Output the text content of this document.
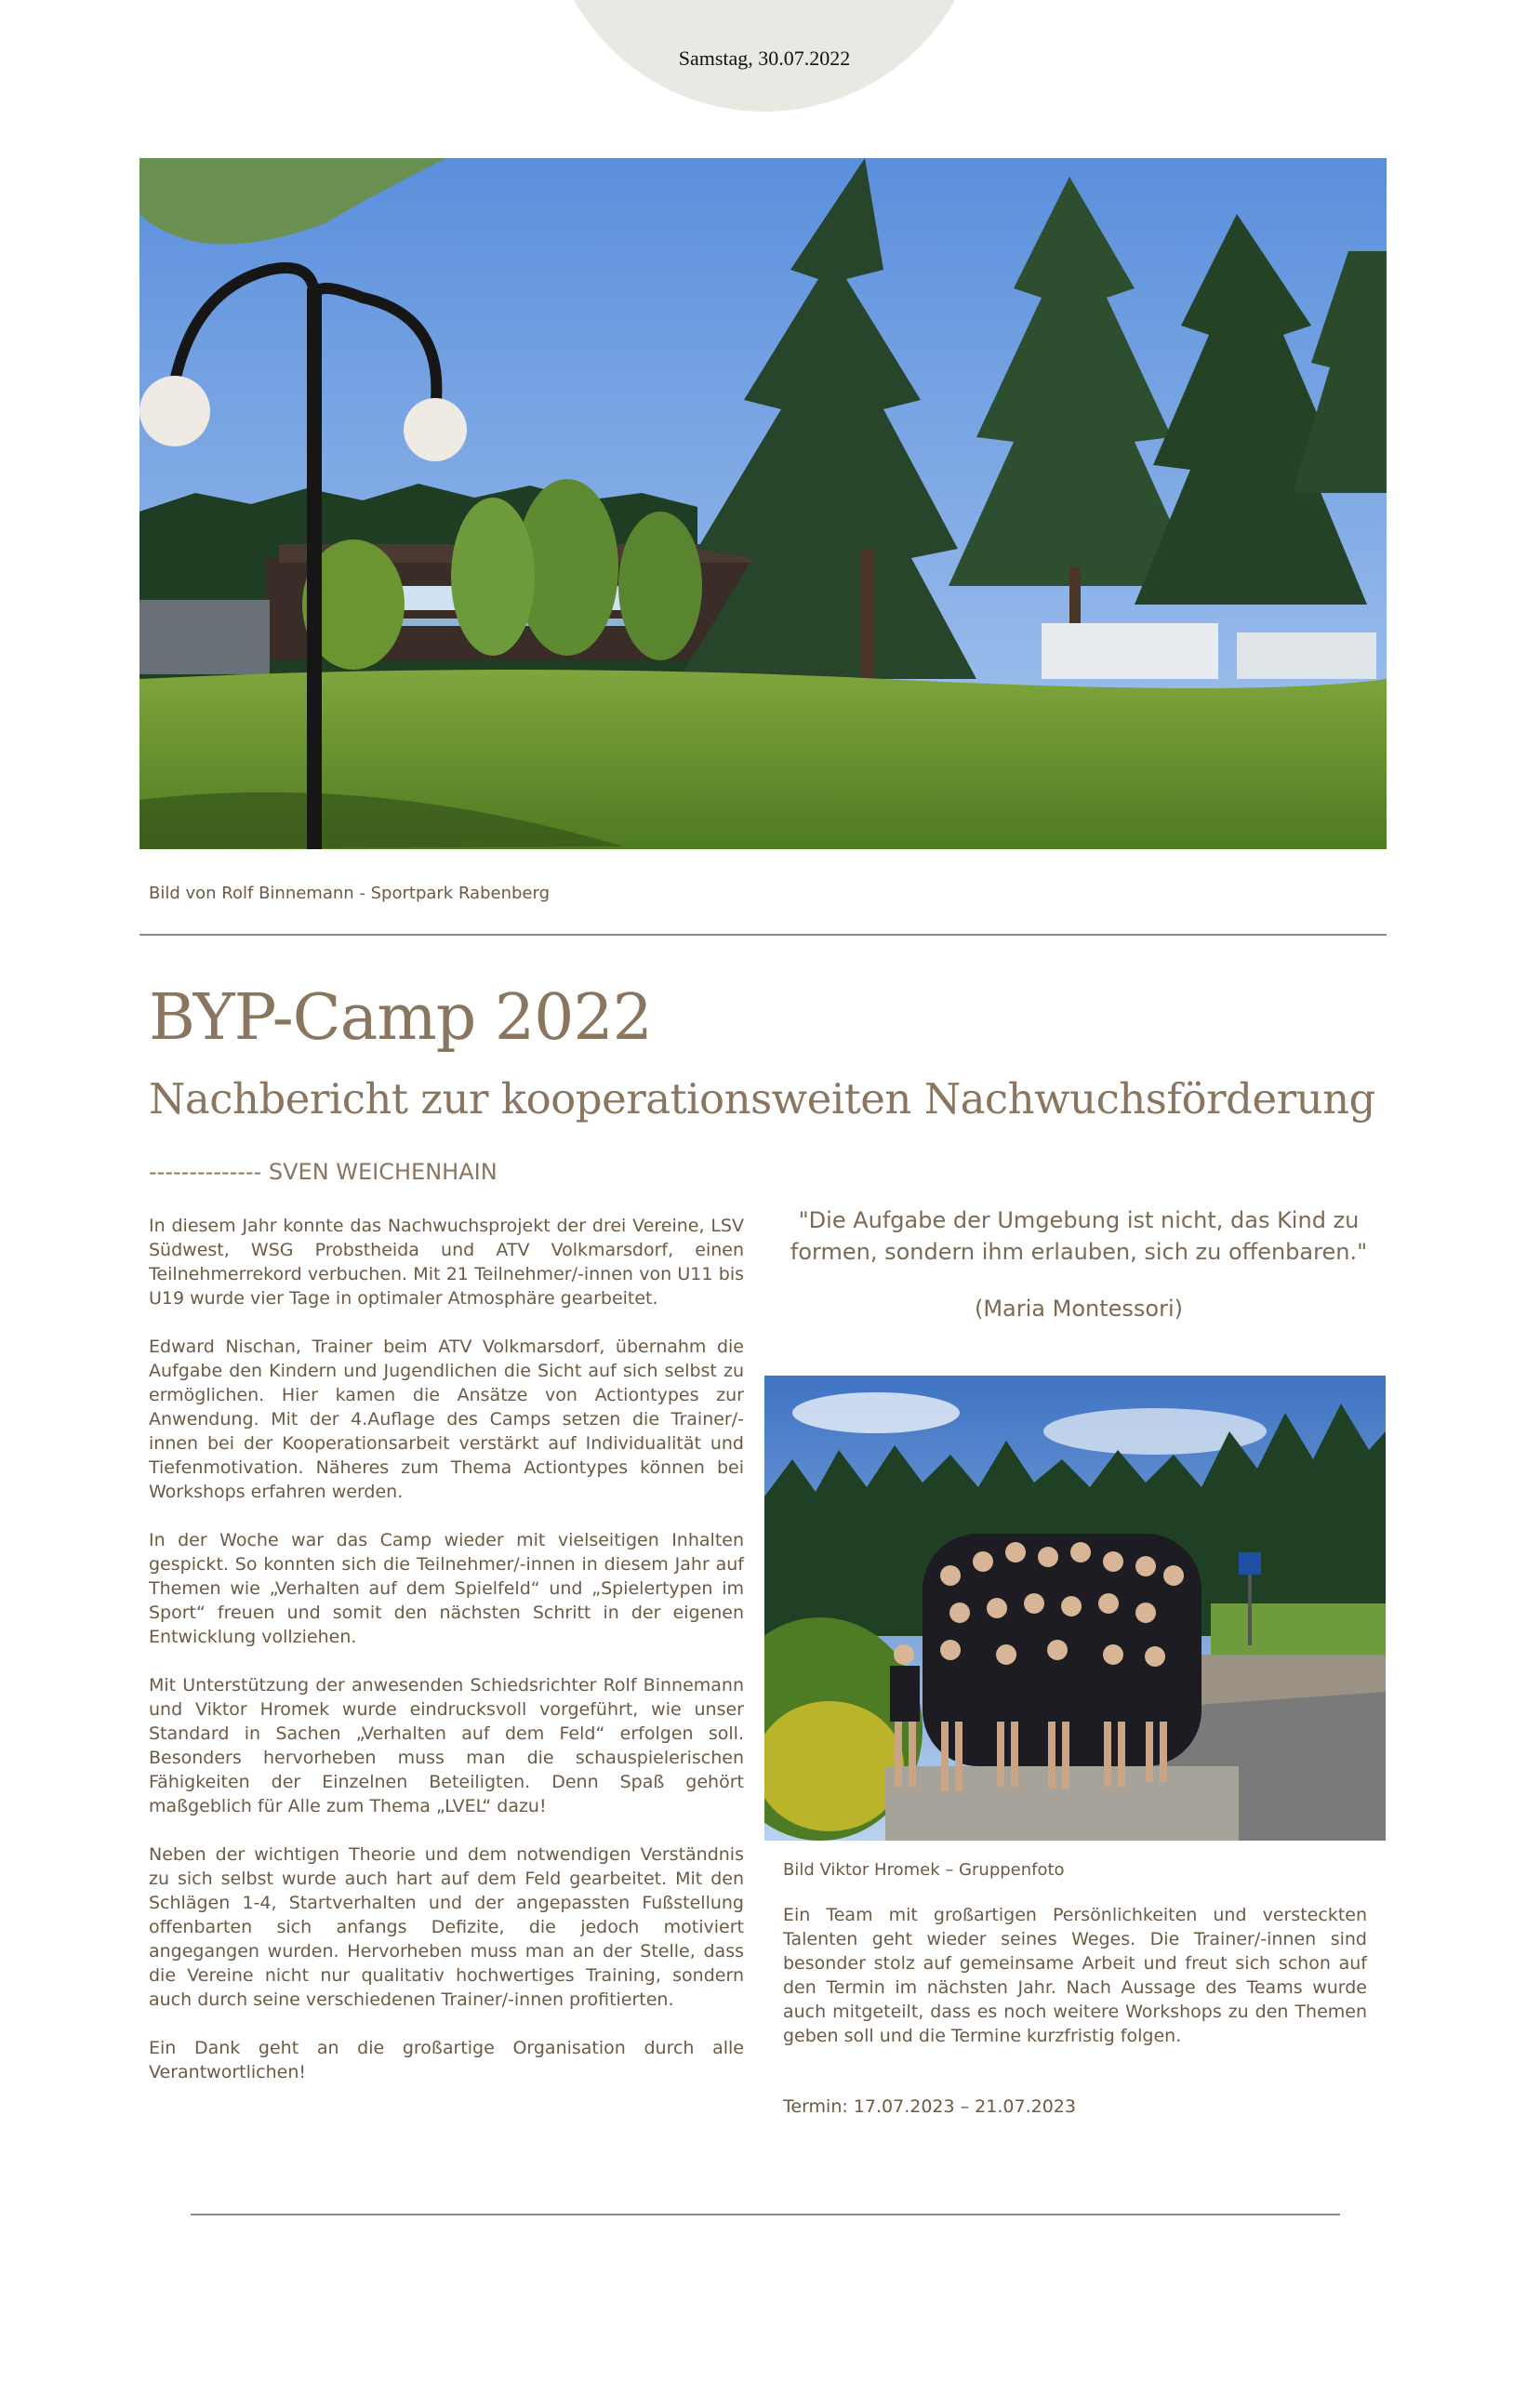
Samstag, 30.07.2022
Bild von Rolf Binnemann - Sportpark Rabenberg
BYP-Camp 2022
Nachbericht zur kooperationsweiten Nachwuchsförderung
-------------- SVEN WEICHENHAIN

In diesem Jahr konnte das Nachwuchsprojekt der drei Vereine, LSV Südwest, WSG Probstheida und ATV Volkmarsdorf, einen Teilnehmerrekord verbuchen. Mit 21 Teilnehmer/-innen von U11 bis U19 wurde vier Tage in optimaler Atmosphäre gearbeitet.

Edward Nischan, Trainer beim ATV Volkmarsdorf, übernahm die Aufgabe den Kindern und Jugendlichen die Sicht auf sich selbst zu ermöglichen. Hier kamen die Ansätze von Actiontypes zur Anwendung. Mit der 4.Auflage des Camps setzen die Trainer/-innen bei der Kooperationsarbeit verstärkt auf Individualität und Tiefenmotivation. Näheres zum Thema Actiontypes können bei Workshops erfahren werden.

In der Woche war das Camp wieder mit vielseitigen Inhalten gespickt. So konnten sich die Teilnehmer/-innen in diesem Jahr auf Themen wie „Verhalten auf dem Spielfeld“ und „Spielertypen im Sport“ freuen und somit den nächsten Schritt in der eigenen Entwicklung vollziehen.

Mit Unterstützung der anwesenden Schiedsrichter Rolf Binnemann und Viktor Hromek wurde eindrucksvoll vorgeführt, wie unser Standard in Sachen „Verhalten auf dem Feld“ erfolgen soll. Besonders hervorheben muss man die schauspielerischen Fähigkeiten der Einzelnen Beteiligten. Denn Spaß gehört maßgeblich für Alle zum Thema „LVEL“ dazu!

Neben der wichtigen Theorie und dem notwendigen Verständnis zu sich selbst wurde auch hart auf dem Feld gearbeitet. Mit den Schlägen 1-4, Startverhalten und der angepassten Fußstellung offenbarten sich anfangs Defizite, die jedoch motiviert angegangen wurden. Hervorheben muss man an der Stelle, dass die Vereine nicht nur qualitativ hochwertiges Training, sondern auch durch seine verschiedenen Trainer/-innen profitierten.

Ein Dank geht an die großartige Organisation durch alle Verantwortlichen!

"Die Aufgabe der Umgebung ist nicht, das Kind zu formen, sondern ihm erlauben, sich zu offenbaren."
(Maria Montessori)
Bild Viktor Hromek – Gruppenfoto

Ein Team mit großartigen Persönlichkeiten und versteckten Talenten geht wieder seines Weges. Die Trainer/-innen sind besonder stolz auf gemeinsame Arbeit und freut sich schon auf den Termin im nächsten Jahr. Nach Aussage des Teams wurde auch mitgeteilt, dass es noch weitere Workshops zu den Themen geben soll und die Termine kurzfristig folgen.

Termin: 17.07.2023 – 21.07.2023
